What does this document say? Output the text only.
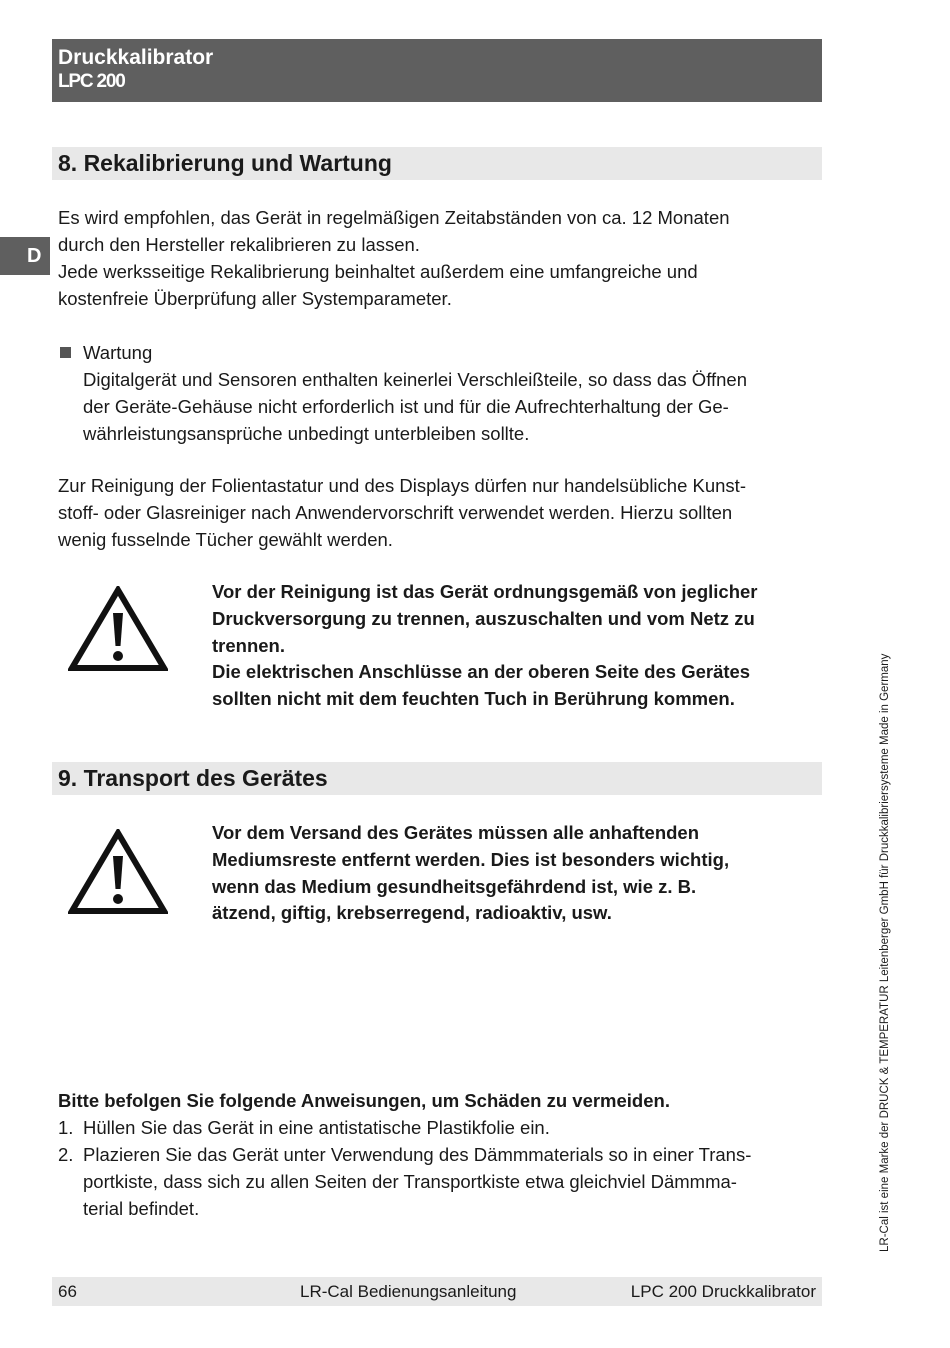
Druckkalibrator
LPC 200
D
8. Rekalibrierung und Wartung

Es wird empfohlen, das Gerät in regelmäßigen Zeitabständen von ca. 12 Monaten
durch den Hersteller rekalibrieren zu lassen.
Jede werksseitige Rekalibrierung beinhaltet außerdem eine umfangreiche und
kostenfreie Überprüfung aller Systemparameter.

Wartung
Digitalgerät und Sensoren enthalten keinerlei Verschleißteile, so dass das Öffnen
der Geräte-Gehäuse nicht erforderlich ist und für die Aufrechterhaltung der Ge-
währleistungsansprüche unbedingt unterbleiben sollte.

Zur Reinigung der Folientastatur und des Displays dürfen nur handelsübliche Kunst-
stoff- oder Glasreiniger nach Anwendervorschrift verwendet werden. Hierzu sollten
wenig fusselnde Tücher gewählt werden.

Vor der Reinigung ist das Gerät ordnungsgemäß von jeglicher
Druckversorgung zu trennen, auszuschalten und vom Netz zu
trennen.
Die elektrischen Anschlüsse an der oberen Seite des Gerätes
sollten nicht mit dem feuchten Tuch in Berührung kommen.
9. Transport des Gerätes
Vor dem Versand des Gerätes müssen alle anhaftenden
Mediumsreste entfernt werden. Dies ist besonders wichtig,
wenn das Medium gesundheitsgefährdend ist, wie z. B.
ätzend, giftig, krebserregend, radioaktiv, usw.
Bitte befolgen Sie folgende Anweisungen, um Schäden zu vermeiden.
1. Hüllen Sie das Gerät in eine antistatische Plastikfolie ein.
2. Plazieren Sie das Gerät unter Verwendung des Dämmmaterials so in einer Trans-
portkiste, dass sich zu allen Seiten der Transportkiste etwa gleichviel Dämmma-
terial befindet.
66	LR-Cal Bedienungsanleitung	LPC 200 Druckkalibrator
LR-Cal ist eine Marke der DRUCK & TEMPERATUR Leitenberger GmbH für Druckkalibriersysteme Made in Germany
